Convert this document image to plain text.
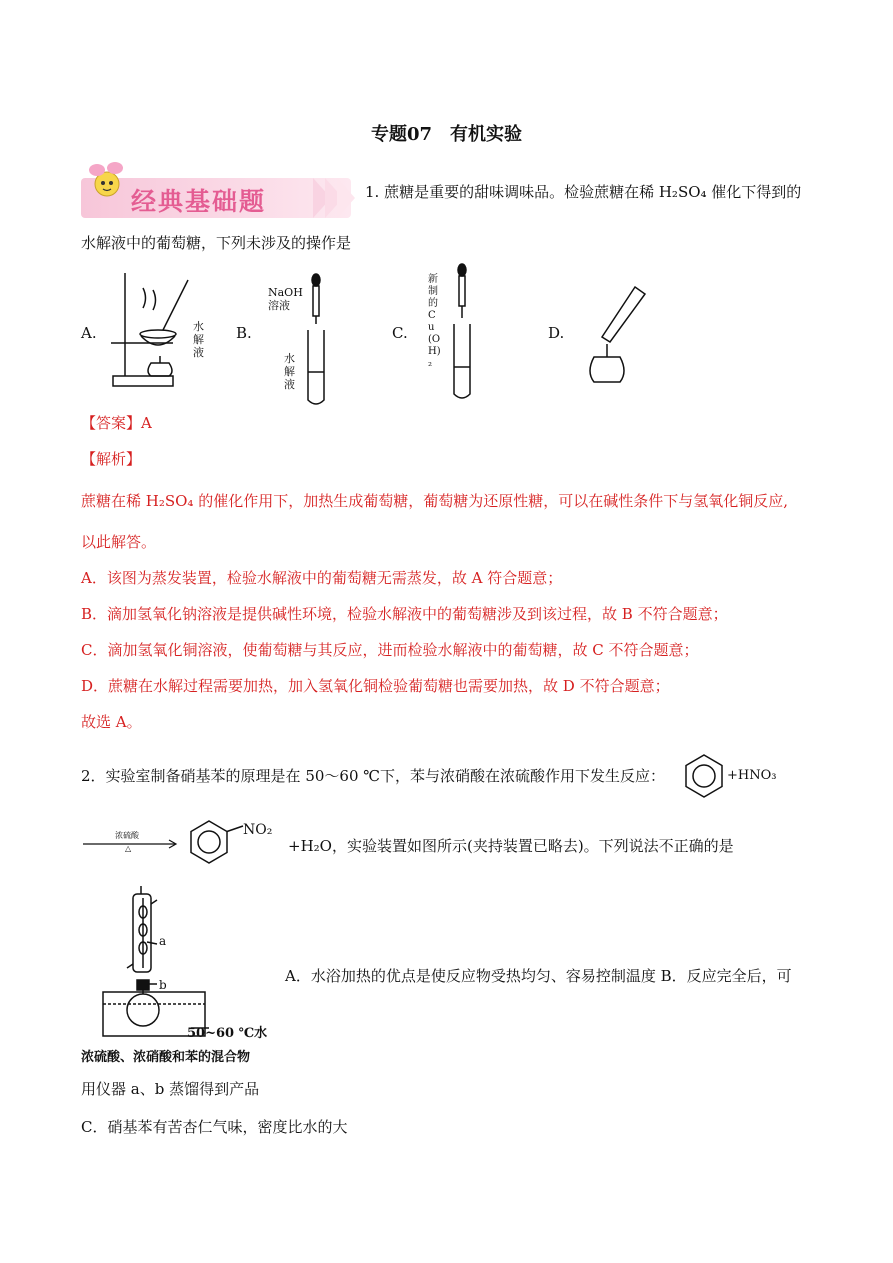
专题07　有机实验
经典基础题	1. 蔗糖是重要的甜味调味品。检验蔗糖在稀 H₂SO₄ 催化下得到的
水解液中的葡萄糖，下列未涉及的操作是
A.	B.	C.	D.
水解液
NaOH溶液
水解液
新制的Cu(OH)₂
【答案】A
【解析】
蔗糖在稀 H₂SO₄ 的催化作用下，加热生成葡萄糖，葡萄糖为还原性糖，可以在碱性条件下与氢氧化铜反应,
以此解答。
A．该图为蒸发装置，检验水解液中的葡萄糖无需蒸发，故 A 符合题意；
B．滴加氢氧化钠溶液是提供碱性环境，检验水解液中的葡萄糖涉及到该过程，故 B 不符合题意；
C．滴加氢氧化铜溶液，使葡萄糖与其反应，进而检验水解液中的葡萄糖，故 C 不符合题意；
D．蔗糖在水解过程需要加热，加入氢氧化铜检验葡萄糖也需要加热，故 D 不符合题意；
故选 A。
2．实验室制备硝基苯的原理是在 50～60 ℃下，苯与浓硝酸在浓硫酸作用下发生反应：	+HNO₃
浓硫酸
△
NO₂
+H₂O，实验装置如图所示(夹持装置已略去)。下列说法不正确的是
a
b
50~60 ℃水
浓硫酸、浓硝酸和苯的混合物
A．水浴加热的优点是使反应物受热均匀、容易控制温度 B．反应完全后，可
用仪器 a、b 蒸馏得到产品
C．硝基苯有苦杏仁气味，密度比水的大
